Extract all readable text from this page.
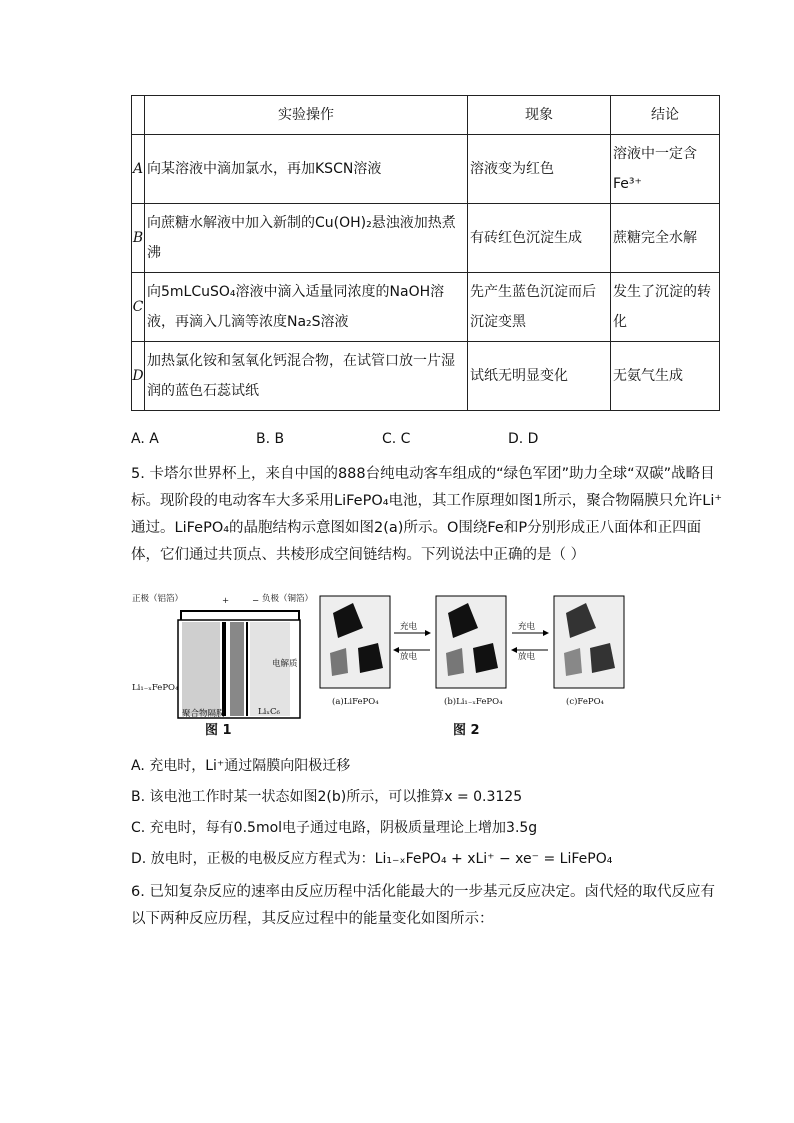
	实验操作	现象	结论
A	向某溶液中滴加氯水，再加KSCN溶液	溶液变为红色	溶液中一定含Fe³⁺
B	向蔗糖水解液中加入新制的Cu(OH)₂悬浊液加热煮沸	有砖红色沉淀生成	蔗糖完全水解
C	向5mLCuSO₄溶液中滴入适量同浓度的NaOH溶液，再滴入几滴等浓度Na₂S溶液	先产生蓝色沉淀而后沉淀变黑	发生了沉淀的转化
D	加热氯化铵和氢氧化钙混合物，在试管口放一片湿润的蓝色石蕊试纸	试纸无明显变化	无氨气生成
A. A	B. B	C. C	D. D
5. 卡塔尔世界杯上，来自中国的888台纯电动客车组成的“绿色军团”助力全球“双碳”战略目标。现阶段的电动客车大多采用LiFePO₄电池，其工作原理如图1所示，聚合物隔膜只允许Li⁺通过。LiFePO₄的晶胞结构示意图如图2(a)所示。O围绕Fe和P分别形成正八面体和正四面体，它们通过共顶点、共棱形成空间链结构。下列说法中正确的是（ ）
正极（铝箔）	负极（铜箔）
+	−
电解质
Li₁₋ₓFePO₄
聚合物隔膜	LiₓC₆
图 1
充电
放电
充电
放电
(a)LiFePO₄	(b)Li₁₋ₓFePO₄	(c)FePO₄
图 2
A. 充电时，Li⁺通过隔膜向阳极迁移
B. 该电池工作时某一状态如图2(b)所示，可以推算x = 0.3125
C. 充电时，每有0.5mol电子通过电路，阴极质量理论上增加3.5g
D. 放电时，正极的电极反应方程式为：Li₁₋ₓFePO₄ + xLi⁺ − xe⁻ = LiFePO₄
6. 已知复杂反应的速率由反应历程中活化能最大的一步基元反应决定。卤代烃的取代反应有以下两种反应历程，其反应过程中的能量变化如图所示：
